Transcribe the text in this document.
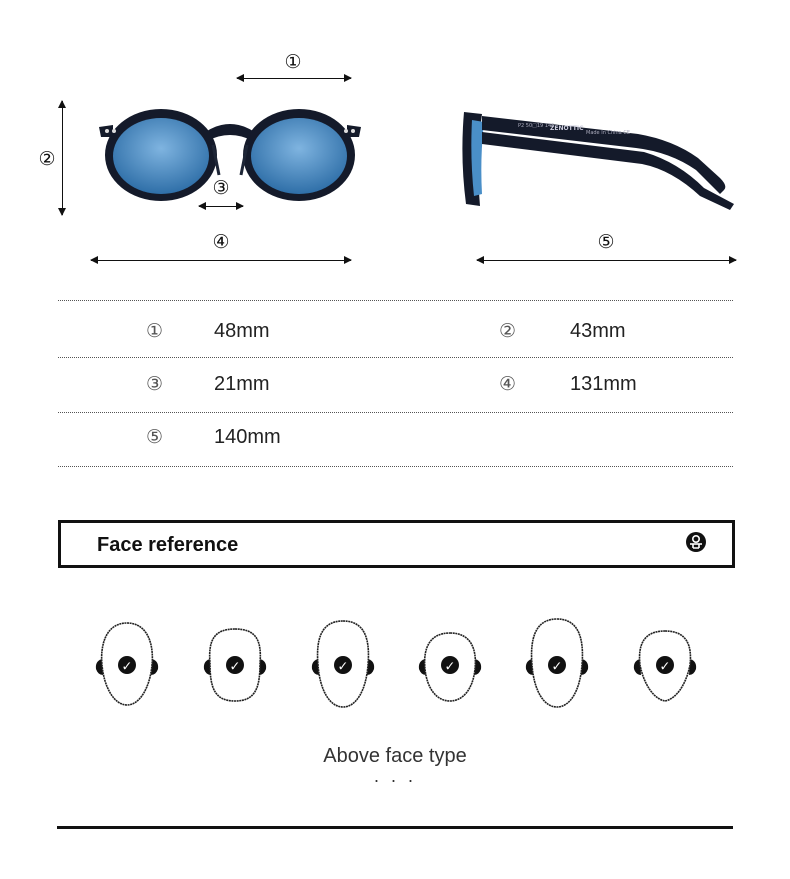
P2 50□19 145
ZENOTTIC
Made In China CE
①
②
③
④	⑤
①	48mm	②	43mm
③	21mm	④	131mm
⑤	140mm
Face reference
✓	✓	✓	✓	✓	✓
Above face type
· · ·
